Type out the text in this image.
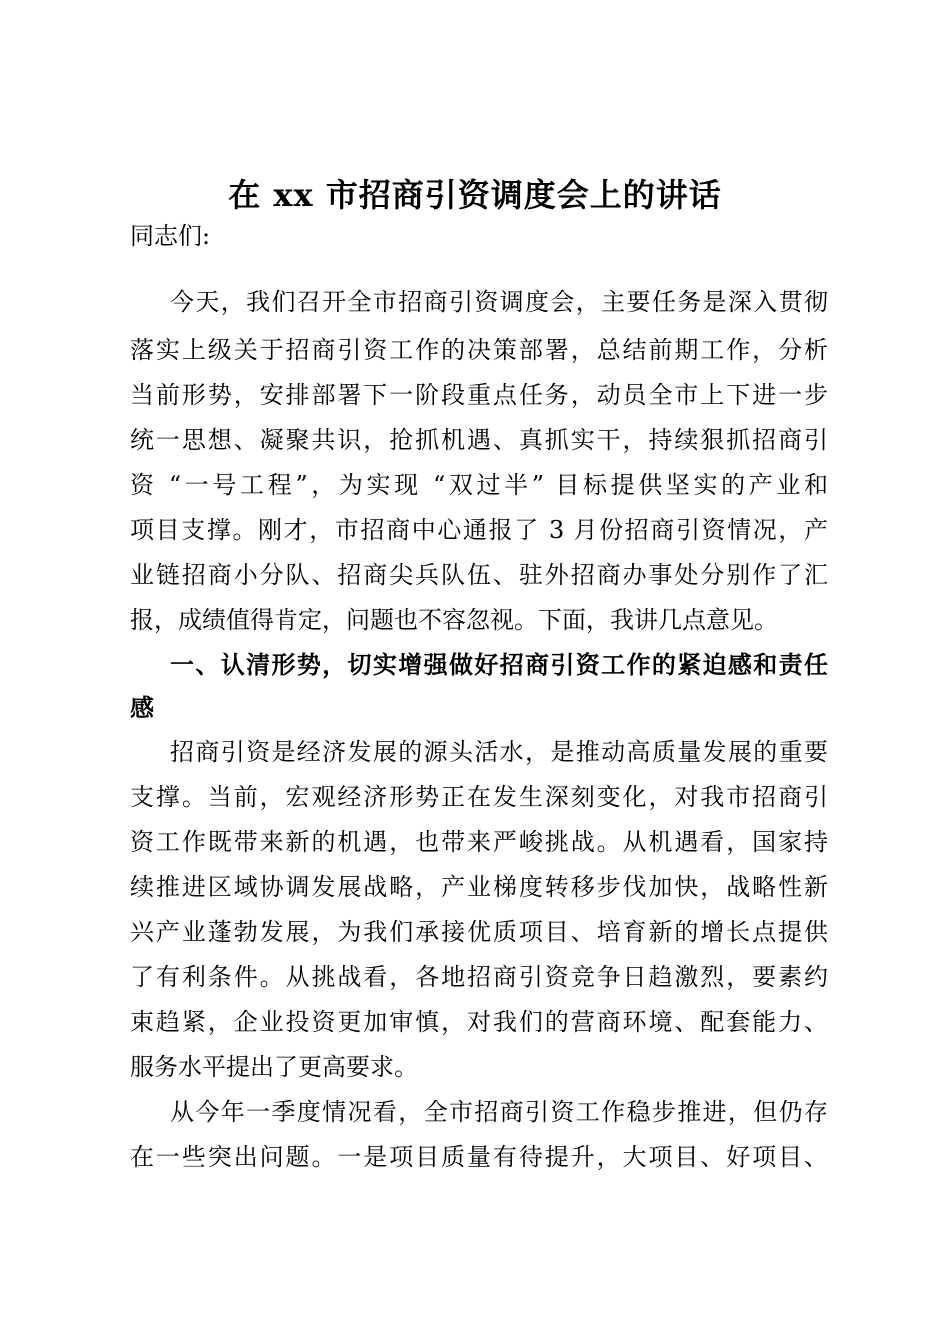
在 xx 市招商引资调度会上的讲话
同志们:
今天，我们召开全市招商引资调度会，主要任务是深入贯彻
落实上级关于招商引资工作的决策部署，总结前期工作，分析
当前形势，安排部署下一阶段重点任务，动员全市上下进一步
统一思想、凝聚共识，抢抓机遇、真抓实干，持续狠抓招商引
资 “一号工程”，为实现 “双过半” 目标提供坚实的产业和
项目支撑。刚才，市招商中心通报了 3 月份招商引资情况，产
业链招商小分队、招商尖兵队伍、驻外招商办事处分别作了汇
报，成绩值得肯定，问题也不容忽视。下面，我讲几点意见。
一、认清形势，切实增强做好招商引资工作的紧迫感和责任
感
招商引资是经济发展的源头活水，是推动高质量发展的重要
支撑。当前，宏观经济形势正在发生深刻变化，对我市招商引
资工作既带来新的机遇，也带来严峻挑战。从机遇看，国家持
续推进区域协调发展战略，产业梯度转移步伐加快，战略性新
兴产业蓬勃发展，为我们承接优质项目、培育新的增长点提供
了有利条件。从挑战看，各地招商引资竞争日趋激烈，要素约
束趋紧，企业投资更加审慎，对我们的营商环境、配套能力、
服务水平提出了更高要求。
从今年一季度情况看，全市招商引资工作稳步推进，但仍存
在一些突出问题。一是项目质量有待提升，大项目、好项目、
